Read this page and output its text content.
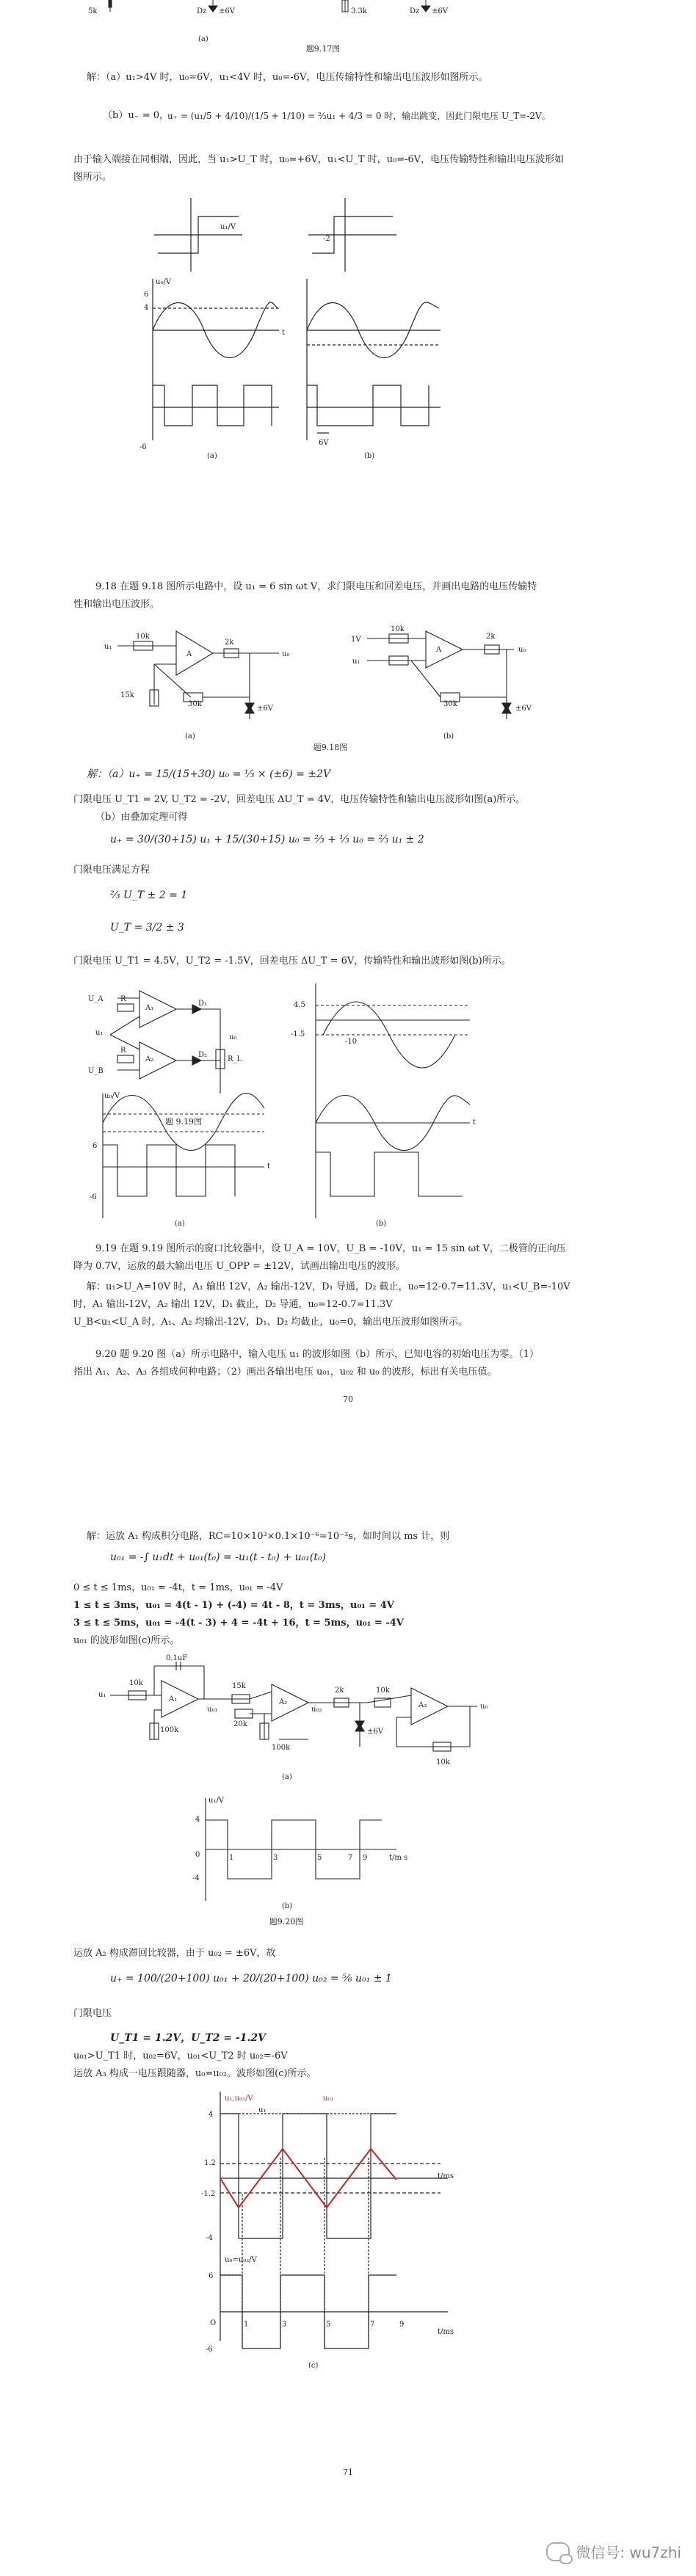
5k	Dz ±6V
(a)
3.3k	Dz ±6V
题9.17图
解：（a）u₁>4V 时，u₀=6V，u₁<4V 时，u₀=-6V，电压传输特性和输出电压波形如图所示。
（b）u₋ = 0，
u₊ = (u₁/5 + 4/10)/(1/5 + 1/10) = ⅔u₁ + 4/3 = 0 时，输出跳变，因此门限电压 U_T=-2V。
由于输入端接在同相端，因此，当 u₁>U_T 时，u₀=+6V，u₁<U_T 时，u₀=-6V，电压传输特性和输出电压波形如
图所示。
6
4
-6
u₁/V
u₀/V
t
(a)	(b)
-2
6V
9.18 在题 9.18 图所示电路中，设 u₁ = 6 sin ωt V，求门限电压和回差电压，并画出电路的电压传输特
性和输出电压波形。
10k
2k
15k
30k
±6V
u₁
u₀
A
1V
10k
2k
30k
±6V
u₀
u₁
A
(a)	(b)
题9.18图
解：（a）u₊ = 15/(15+30) u₀ = ⅓ × (±6) = ±2V
门限电压 U_T1 = 2V, U_T2 = -2V，回差电压 ΔU_T = 4V，电压传输特性和输出电压波形如图(a)所示。
（b）由叠加定理可得
u₊ = 30/(30+15) u₁ + 15/(30+15) u₀ = ⅔ + ⅓ u₀ = ⅔ u₁ ± 2
门限电压满足方程
⅔ U_T ± 2 = 1
U_T = 3/2 ± 3
门限电压 U_T1 = 4.5V，U_T2 = -1.5V，回差电压 ΔU_T = 6V，传输特性和输出波形如图(b)所示。
U_A
U_B
R
R
D₁
D₂
R_L
u₀
u₁
A₁
A₂
4.5
-1.5
u₀/V
6
-6
t
t
-10
(a)	(b)
题 9.19图
9.19 在题 9.19 图所示的窗口比较器中，设 U_A = 10V，U_B = -10V，u₁ = 15 sin ωt V，二极管的正向压
降为 0.7V，运放的最大输出电压 U_OPP = ±12V，试画出输出电压的波形。
解：u₁>U_A=10V 时，A₁ 输出 12V，A₂ 输出-12V，D₁ 导通，D₂ 截止，u₀=12-0.7=11.3V，u₁<U_B=-10V
时，A₁ 输出-12V，A₂ 输出 12V，D₁ 截止，D₂ 导通，u₀=12-0.7=11.3V
U_B<u₁<U_A 时，A₁、A₂ 均输出-12V，D₁、D₂ 均截止，u₀=0，输出电压波形如图所示。
9.20 题 9.20 图（a）所示电路中，输入电压 u₁ 的波形如图（b）所示，已知电容的初始电压为零。（1）
指出 A₁、A₂、A₃ 各组成何种电路；（2）画出各输出电压 u₀₁，u₀₂ 和 u₀ 的波形，标出有关电压值。
70
解：运放 A₁ 构成积分电路，RC=10×10³×0.1×10⁻⁶=10⁻³s，如时间以 ms 计，则
u₀₁ = -∫ u₁dt + u₀₁(t₀) = -u₁(t - t₀) + u₀₁(t₀)
0 ≤ t ≤ 1ms，u₀₁ = -4t，t = 1ms，u₀₁ = -4V
1 ≤ t ≤ 3ms，u₀₁ = 4(t - 1) + (-4) = 4t - 8，t = 3ms，u₀₁ = 4V
3 ≤ t ≤ 5ms，u₀₁ = -4(t - 3) + 4 = -4t + 16，t = 5ms，u₀₁ = -4V
u₀₁ 的波形如图(c)所示。
0.1uF
10k	15k
20k
2k	10k
100k
100k
10k
±6V
A₁	A₂	A₃
u₁
u₀₁	u₀₂	u₀
(a)
u₁/V
4
-4
0	1	3	5	7 9	t/m s
(b)
题9.20图
运放 A₂ 构成滞回比较器，由于 u₀₂ = ±6V，故
u₊ = 100/(20+100) u₀₁ + 20/(20+100) u₀₂ = ⅚ u₀₁ ± 1
门限电压
U_T1 = 1.2V，U_T2 = -1.2V
u₀₁>U_T1 时，u₀₂=6V，u₀₁<U_T2 时 u₀₂=-6V
运放 A₃ 构成一电压跟随器，u₀=u₀₂。波形如图(c)所示。
u₁,u₀₁/V
u₁
u₀₁
4
1.2
-1.2
-4
t/ms
u₀=u₀₂/V
6
-6
O	1	3	5	7	9
t/ms
(c)
71
微信号: wu7zhi
